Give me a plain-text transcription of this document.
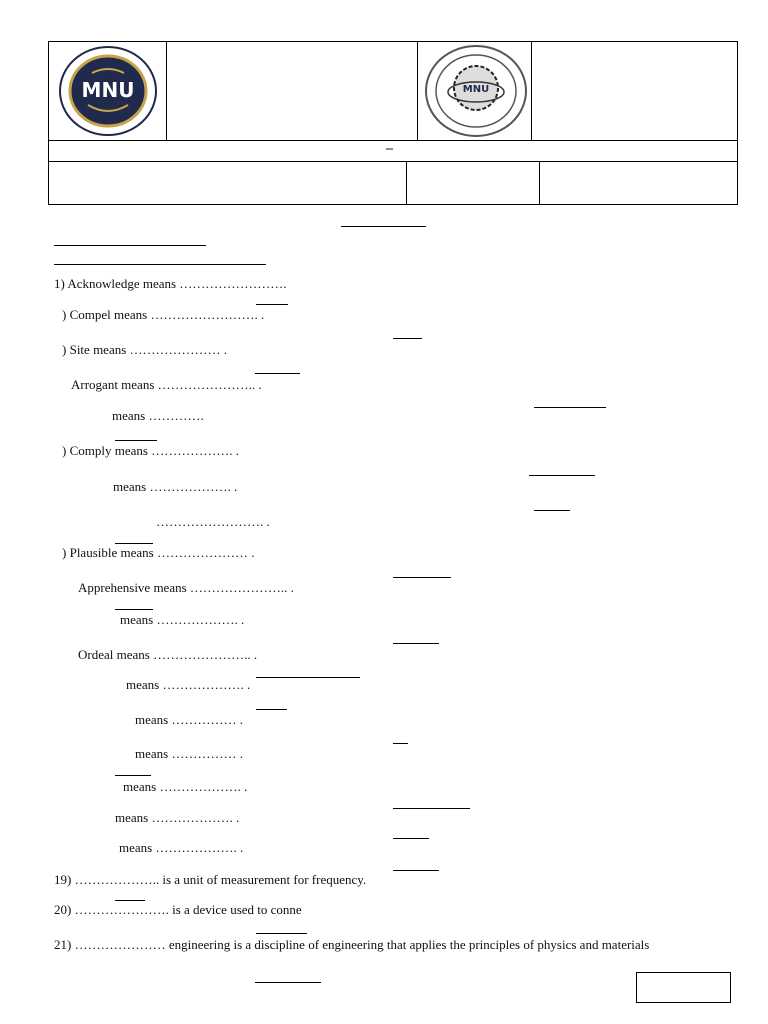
–
MNU	MNU
1) Acknowledge means …………………….
) Compel means ……………………. .
) Site means ………………… .
Arrogant means ………………….. .
means ………….
) Comply means ………………. .
means ………………. .
……………………. .
) Plausible means ………………… .
Apprehensive means ………………….. .
means ………………. .
Ordeal means ………………….. .
means ………………. .
means …………… .
means …………… .
means ………………. .
means ………………. .
means ………………. .
19) ……………….. is a unit of measurement for frequency.
20) …………………. is a device used to conne
21) ………………… engineering is a discipline of engineering that applies the principles of physics and materials
